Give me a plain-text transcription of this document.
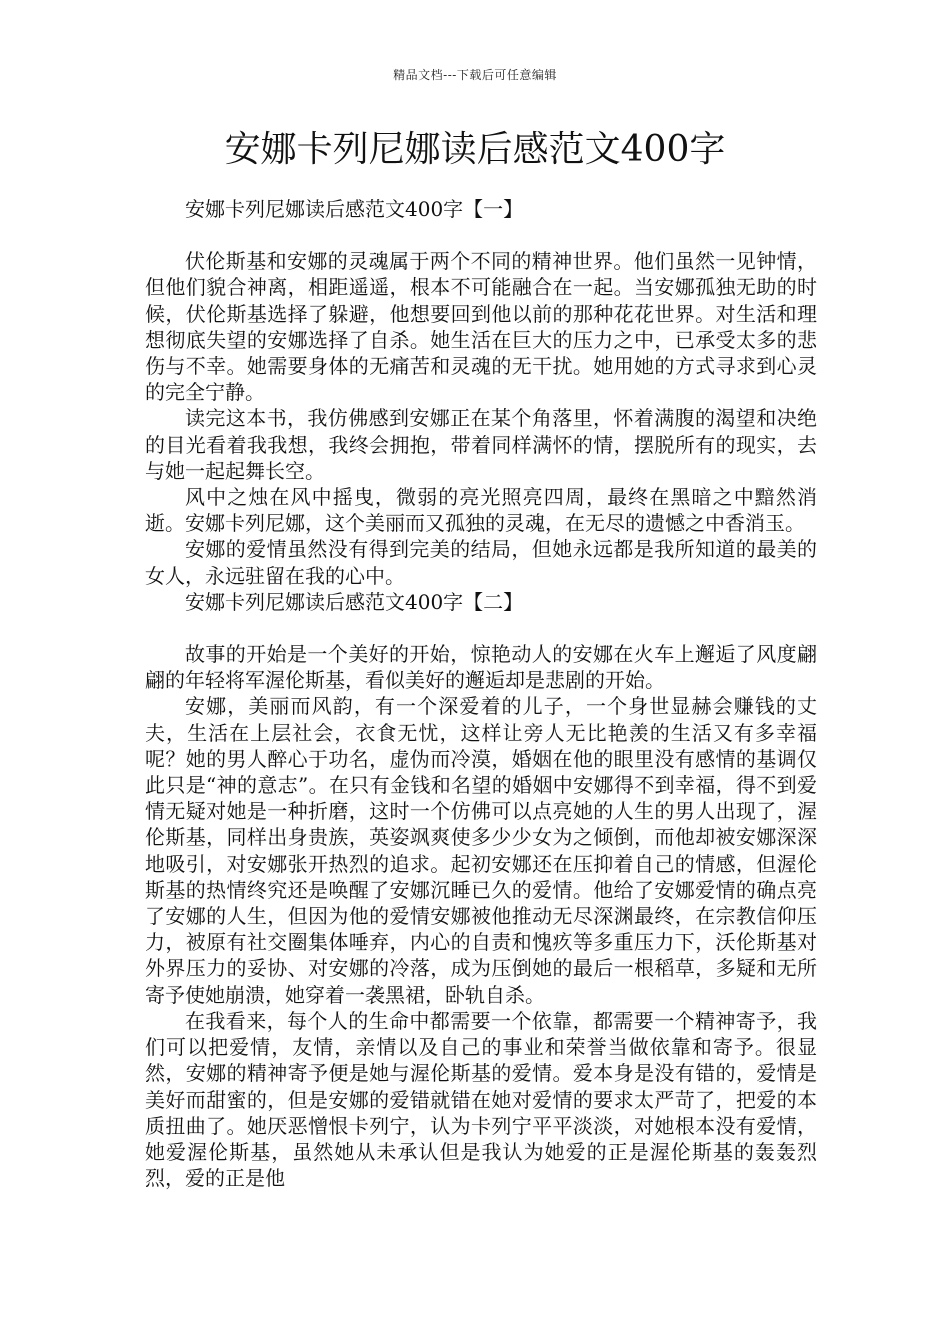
精品文档---下载后可任意编辑
安娜卡列尼娜读后感范文400字
安娜卡列尼娜读后感范文400字【一】

伏伦斯基和安娜的灵魂属于两个不同的精神世界。他们虽然一见钟情，但他们貌合神离，相距遥遥，根本不可能融合在一起。当安娜孤独无助的时候，伏伦斯基选择了躲避，他想要回到他以前的那种花花世界。对生活和理想彻底失望的安娜选择了自杀。她生活在巨大的压力之中，已承受太多的悲伤与不幸。她需要身体的无痛苦和灵魂的无干扰。她用她的方式寻求到心灵的完全宁静。

读完这本书，我仿佛感到安娜正在某个角落里，怀着满腹的渴望和决绝的目光看着我我想，我终会拥抱，带着同样满怀的情，摆脱所有的现实，去与她一起起舞长空。

风中之烛在风中摇曳，微弱的亮光照亮四周，最终在黑暗之中黯然消逝。安娜卡列尼娜，这个美丽而又孤独的灵魂，在无尽的遗憾之中香消玉。

安娜的爱情虽然没有得到完美的结局，但她永远都是我所知道的最美的女人，永远驻留在我的心中。

安娜卡列尼娜读后感范文400字【二】

故事的开始是一个美好的开始，惊艳动人的安娜在火车上邂逅了风度翩翩的年轻将军渥伦斯基，看似美好的邂逅却是悲剧的开始。

安娜，美丽而风韵，有一个深爱着的儿子，一个身世显赫会赚钱的丈夫，生活在上层社会，衣食无忧，这样让旁人无比艳羡的生活又有多幸福呢？她的男人醉心于功名，虚伪而冷漠，婚姻在他的眼里没有感情的基调仅此只是“神的意志”。在只有金钱和名望的婚姻中安娜得不到幸福，得不到爱情无疑对她是一种折磨，这时一个仿佛可以点亮她的人生的男人出现了，渥伦斯基，同样出身贵族，英姿飒爽使多少少女为之倾倒，而他却被安娜深深地吸引，对安娜张开热烈的追求。起初安娜还在压抑着自己的情感，但渥伦斯基的热情终究还是唤醒了安娜沉睡已久的爱情。他给了安娜爱情的确点亮了安娜的人生，但因为他的爱情安娜被他推动无尽深渊最终，在宗教信仰压力，被原有社交圈集体唾弃，内心的自责和愧疚等多重压力下，沃伦斯基对外界压力的妥协、对安娜的冷落，成为压倒她的最后一根稻草，多疑和无所寄予使她崩溃，她穿着一袭黑裙，卧轨自杀。

在我看来，每个人的生命中都需要一个依靠，都需要一个精神寄予，我们可以把爱情，友情，亲情以及自己的事业和荣誉当做依靠和寄予。很显然，安娜的精神寄予便是她与渥伦斯基的爱情。爱本身是没有错的，爱情是美好而甜蜜的，但是安娜的爱错就错在她对爱情的要求太严苛了，把爱的本质扭曲了。她厌恶憎恨卡列宁，认为卡列宁平平淡淡，对她根本没有爱情，她爱渥伦斯基，虽然她从未承认但是我认为她爱的正是渥伦斯基的轰轰烈烈，爱的正是他
